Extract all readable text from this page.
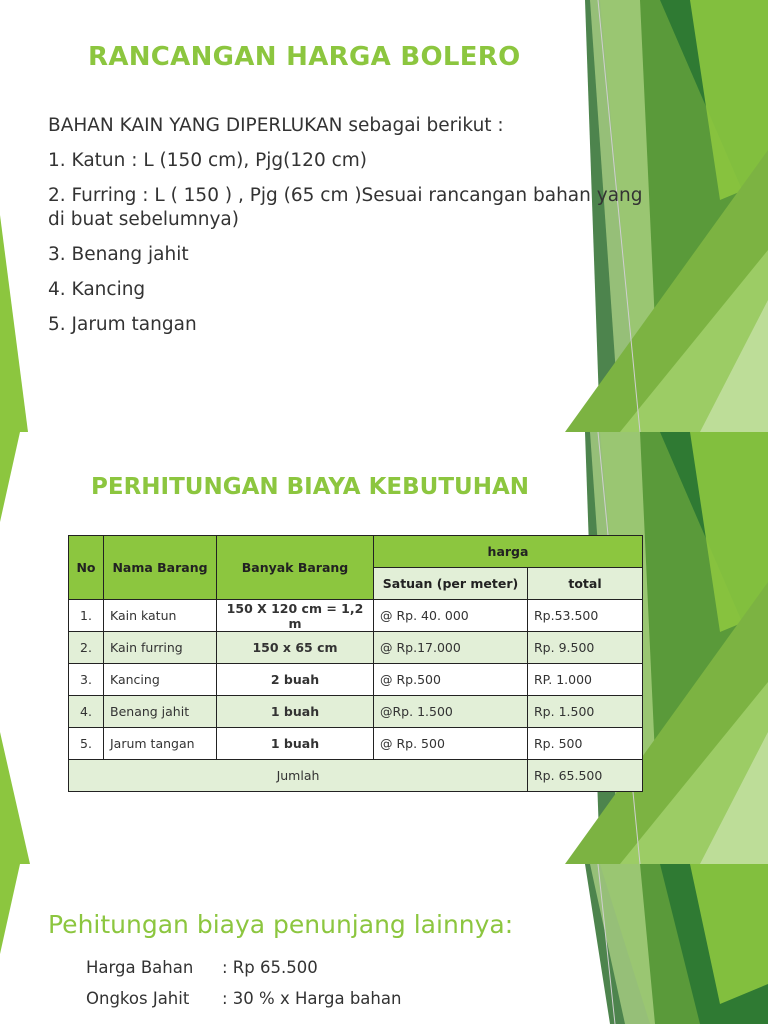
RANCANGAN HARGA BOLERO
BAHAN KAIN YANG DIPERLUKAN sebagai berikut :
1. Katun : L (150 cm), Pjg(120 cm)
2. Furring : L ( 150 ) , Pjg (65 cm )Sesuai rancangan bahan yang di buat sebelumnya)
3. Benang jahit
4. Kancing
5. Jarum tangan
PERHITUNGAN BIAYA KEBUTUHAN
No	Nama Barang	Banyak Barang	harga	
			Satuan (per meter)	total
1.	Kain katun	150 X 120 cm = 1,2 m	@ Rp. 40. 000	Rp.53.500
2.	Kain furring	150 x 65 cm	@ Rp.17.000	Rp. 9.500
3.	Kancing	2 buah	@ Rp.500	RP. 1.000
4.	Benang jahit	1 buah	@Rp. 1.500	Rp. 1.500
5.	Jarum tangan	1 buah	@ Rp. 500	Rp. 500
Jumlah				Rp. 65.500
Pehitungan biaya penunjang lainnya:
Harga Bahan : Rp 65.500
Ongkos Jahit : 30 % x Harga bahan
